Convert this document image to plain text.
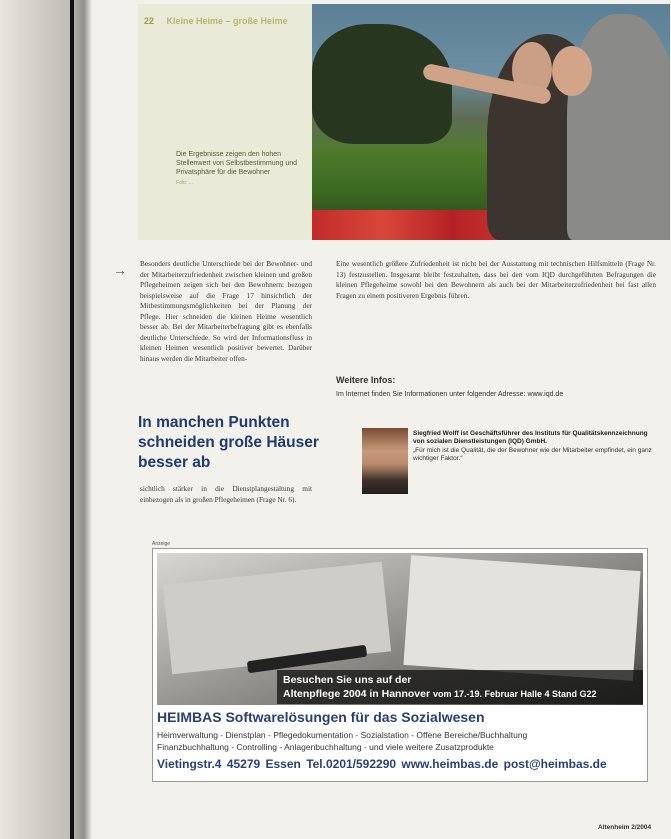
22 Kleine Heime – große Heime
Die Ergebnisse zeigen den hohen Stellenwert von Selbstbestimmung und Privatsphäre für die Bewohner
Foto: ...
→ Besonders deutliche Unterschiede bei der Bewohner- und der Mitarbeiterzufriedenheit zwischen kleinen und großen Pflegeheimen zeigen sich bei den Bewohnern: bezogen beispielsweise auf die Frage 17 hinsichtlich der Mitbestimmungsmöglichkeiten bei der Planung der Pflege. Hier schneiden die kleinen Heime wesentlich besser ab. Bei der Mitarbeiterbefragung gibt es ebenfalls deutliche Unterschiede. So wird der Informationsfluss in kleinen Heimen wesentlich positiver bewertet. Darüber hinaus werden die Mitarbeiter offen-
In manchen Punkten schneiden große Häuser besser ab
sichtlich stärker in die Dienstplangestaltung mit einbezogen als in großen Pflegeheimen (Frage Nr. 6).
Eine wesentlich größere Zufriedenheit ist nicht bei der Ausstattung mit technischen Hilfsmitteln (Frage Nr. 13) festzustellen. Insgesamt bleibt festzuhalten, dass bei den vom IQD durchgeführten Befragungen die kleinen Pflegeheime sowohl bei den Bewohnern als auch bei der Mitarbeiterzufriedenheit bei fast allen Fragen zu einem positiveren Ergebnis führen.
Weitere Infos:
Im Internet finden Sie Informationen unter folgender Adresse: www.iqd.de
Siegfried Wolff ist Geschäftsführer des Instituts für Qualitätskennzeichnung von sozialen Dienstleistungen (IQD) GmbH.
„Für mich ist die Qualität, die der Bewohner wie der Mitarbeiter empfindet, ein ganz wichtiger Faktor.“
Anzeige
Besuchen Sie uns auf der
Altenpflege 2004 in Hannover vom 17.-19. Februar Halle 4 Stand G22
HEIMBAS Softwarelösungen für das Sozialwesen
Heimverwaltung - Dienstplan - Pflegedokumentation - Sozialstation - Offene Bereiche/Buchhaltung
Finanzbuchhaltung - Controlling - Anlagenbuchhaltung - und viele weitere Zusatzprodukte
Vietingstr.4 45279 Essen Tel.0201/592290 www.heimbas.de post@heimbas.de
Altenheim 2/2004
